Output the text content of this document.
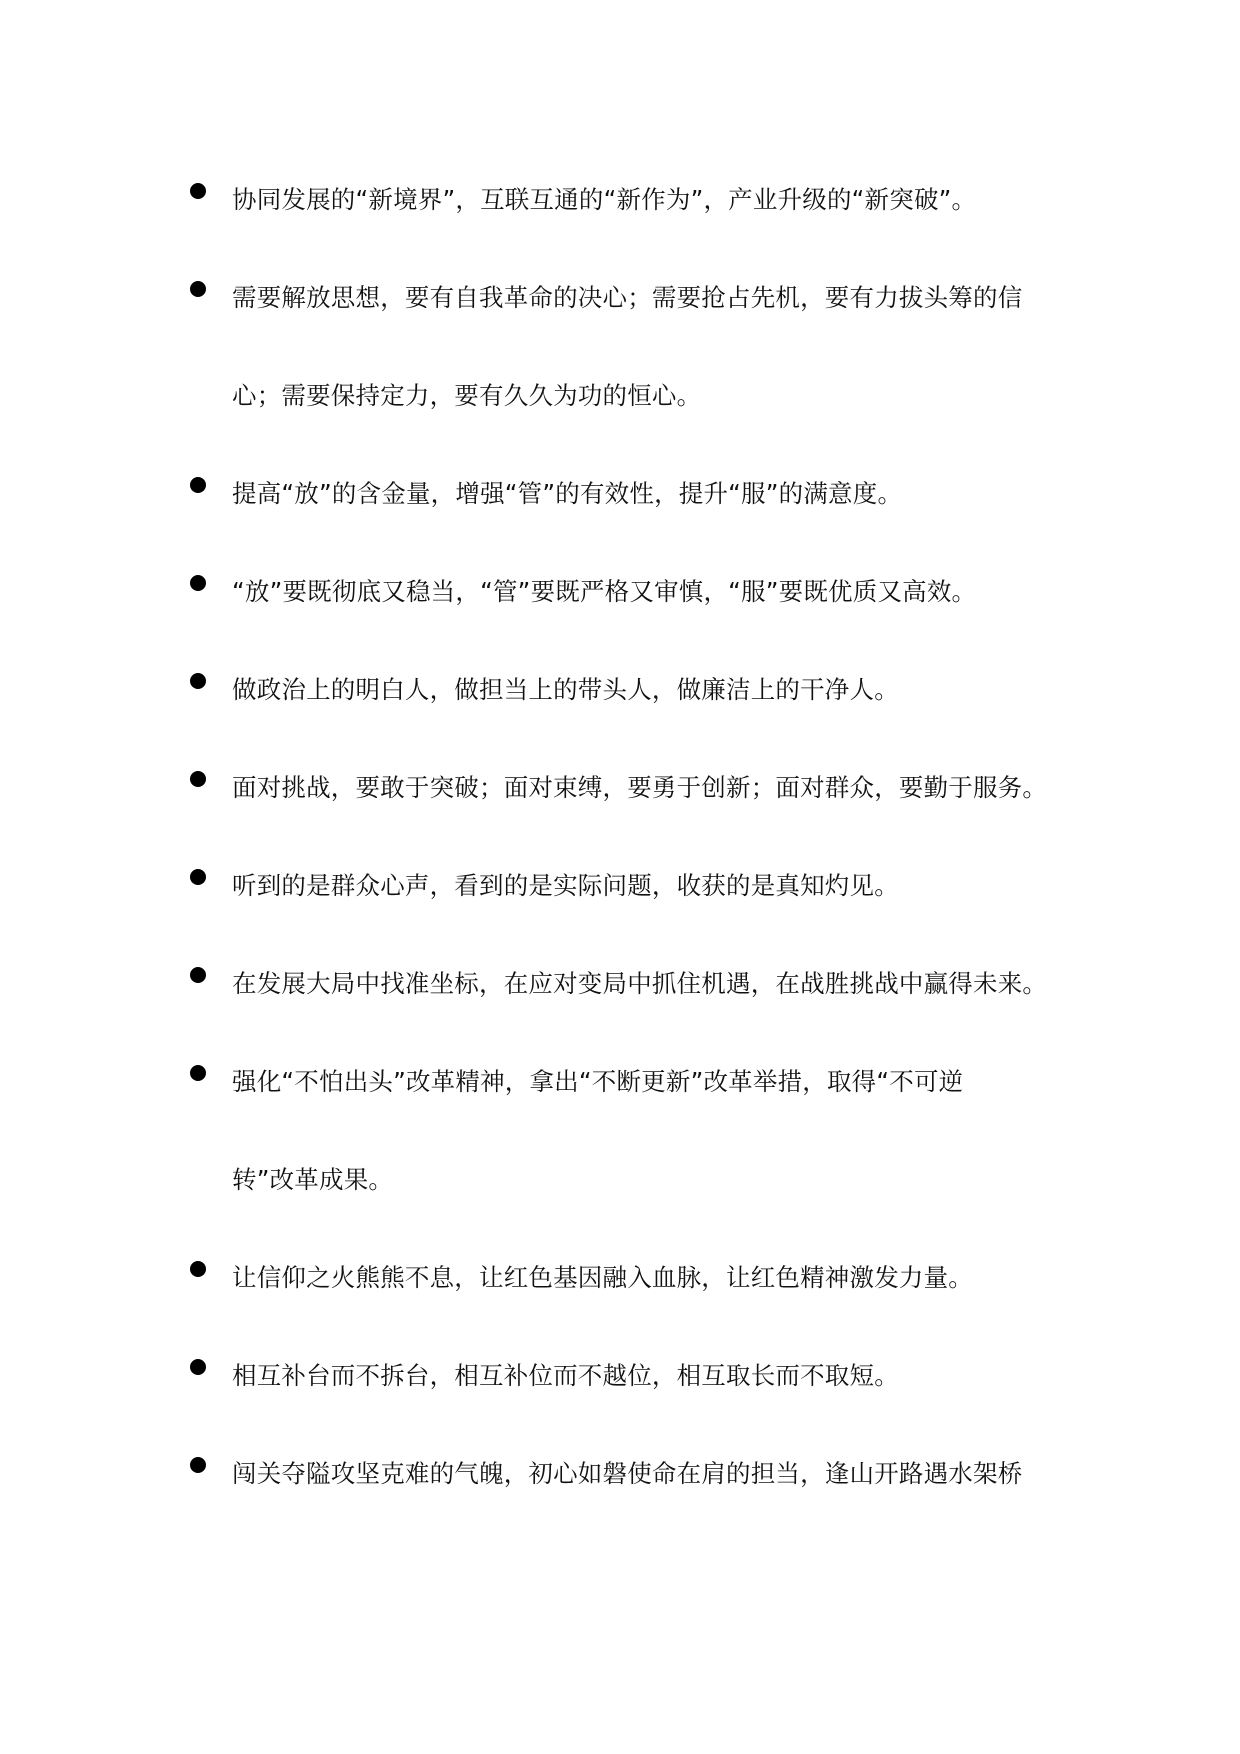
协同发展的“新境界”，互联互通的“新作为”，产业升级的“新突破”。
需要解放思想，要有自我革命的决心；需要抢占先机，要有力拔头筹的信
心；需要保持定力，要有久久为功的恒心。
提高“放”的含金量，增强“管”的有效性，提升“服”的满意度。
“放”要既彻底又稳当，“管”要既严格又审慎，“服”要既优质又高效。
做政治上的明白人，做担当上的带头人，做廉洁上的干净人。
面对挑战，要敢于突破；面对束缚，要勇于创新；面对群众，要勤于服务。
听到的是群众心声，看到的是实际问题，收获的是真知灼见。
在发展大局中找准坐标，在应对变局中抓住机遇，在战胜挑战中赢得未来。
强化“不怕出头”改革精神，拿出“不断更新”改革举措，取得“不可逆
转”改革成果。
让信仰之火熊熊不息，让红色基因融入血脉，让红色精神激发力量。
相互补台而不拆台，相互补位而不越位，相互取长而不取短。
闯关夺隘攻坚克难的气魄，初心如磐使命在肩的担当，逢山开路遇水架桥
